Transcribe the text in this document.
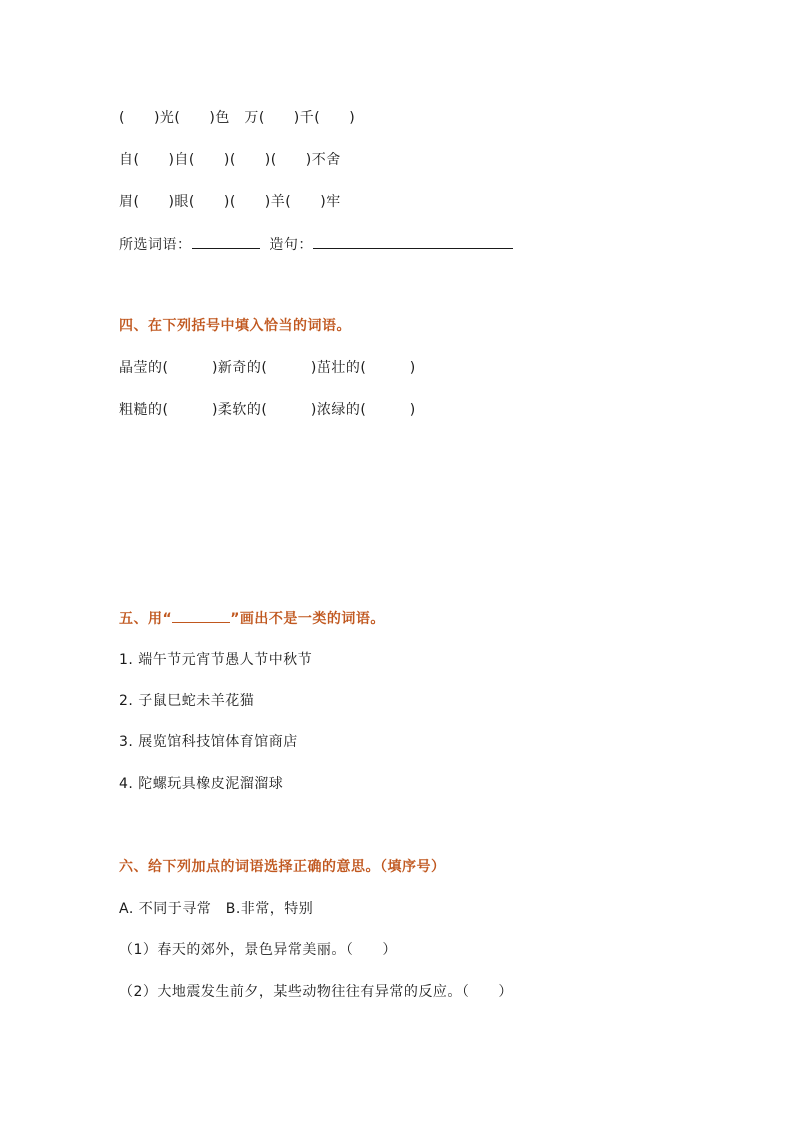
(　　)光(　　)色　万(　　)千(　　)
自(　　)自(　　)(　　)(　　)不舍
眉(　　)眼(　　)(　　)羊(　　)牢
所选词语：	造句：
四、在下列括号中填入恰当的词语。
晶莹的(　　　)新奇的(　　　)茁壮的(　　　)
粗糙的(　　　)柔软的(　　　)浓绿的(　　　)
五、用“	”画出不是一类的词语。
1. 端午节元宵节愚人节中秋节
2. 子鼠巳蛇未羊花猫
3. 展览馆科技馆体育馆商店
4. 陀螺玩具橡皮泥溜溜球
六、给下列加点的词语选择正确的意思。（填序号）
A. 不同于寻常　B.非常，特别
（1）春天的郊外，景色异常美丽。（　　）
（2）大地震发生前夕，某些动物往往有异常的反应。（　　）
